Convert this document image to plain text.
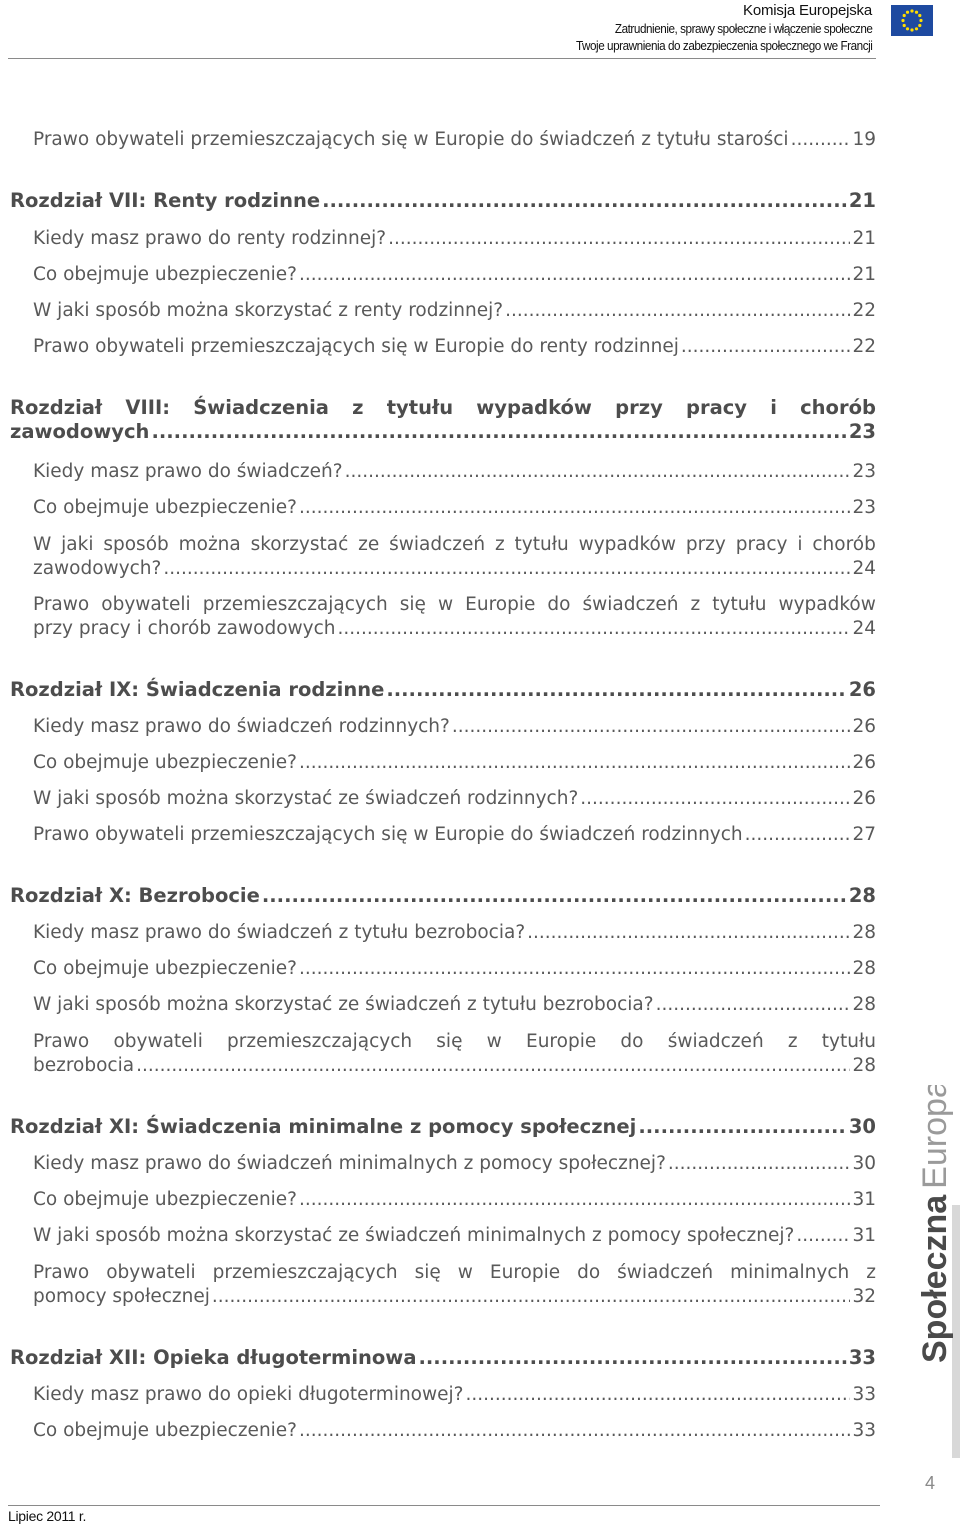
Komisja Europejska
Zatrudnienie, sprawy społeczne i włączenie społeczne
Twoje uprawnienia do zabezpieczenia społecznego we Francji
Prawo obywateli przemieszczających się w Europie do świadczeń z tytułu starości .....	19
Rozdział VII: Renty rodzinne .....	21
Kiedy masz prawo do renty rodzinnej? .....	21
Co obejmuje ubezpieczenie? .....	21
W jaki sposób można skorzystać z renty rodzinnej? .....	22
Prawo obywateli przemieszczających się w Europie do renty rodzinnej .....	22
Rozdział VIII: Świadczenia z tytułu wypadków przy pracy i chorób
zawodowych .....	23
Kiedy masz prawo do świadczeń? .....	23
Co obejmuje ubezpieczenie? .....	23
W jaki sposób można skorzystać ze świadczeń z tytułu wypadków przy pracy i chorób
zawodowych? .....	24
Prawo obywateli przemieszczających się w Europie do świadczeń z tytułu wypadków
przy pracy i chorób zawodowych .....	24
Rozdział IX: Świadczenia rodzinne .....	26
Kiedy masz prawo do świadczeń rodzinnych? .....	26
Co obejmuje ubezpieczenie? .....	26
W jaki sposób można skorzystać ze świadczeń rodzinnych? .....	26
Prawo obywateli przemieszczających się w Europie do świadczeń rodzinnych .....	27
Rozdział X: Bezrobocie .....	28
Kiedy masz prawo do świadczeń z tytułu bezrobocia? .....	28
Co obejmuje ubezpieczenie? .....	28
W jaki sposób można skorzystać ze świadczeń z tytułu bezrobocia? .....	28
Prawo obywateli przemieszczających się w Europie do świadczeń z tytułu
bezrobocia .....	28
Rozdział XI: Świadczenia minimalne z pomocy społecznej .....	30
Kiedy masz prawo do świadczeń minimalnych z pomocy społecznej? .....	30
Co obejmuje ubezpieczenie? .....	31
W jaki sposób można skorzystać ze świadczeń minimalnych z pomocy społecznej? .....	31
Prawo obywateli przemieszczających się w Europie do świadczeń minimalnych z
pomocy społecznej .....	32
Rozdział XII: Opieka długoterminowa .....	33
Kiedy masz prawo do opieki długoterminowej? .....	33
Co obejmuje ubezpieczenie? .....	33
SpołecznaEuropa
4
Lipiec 2011 r.
